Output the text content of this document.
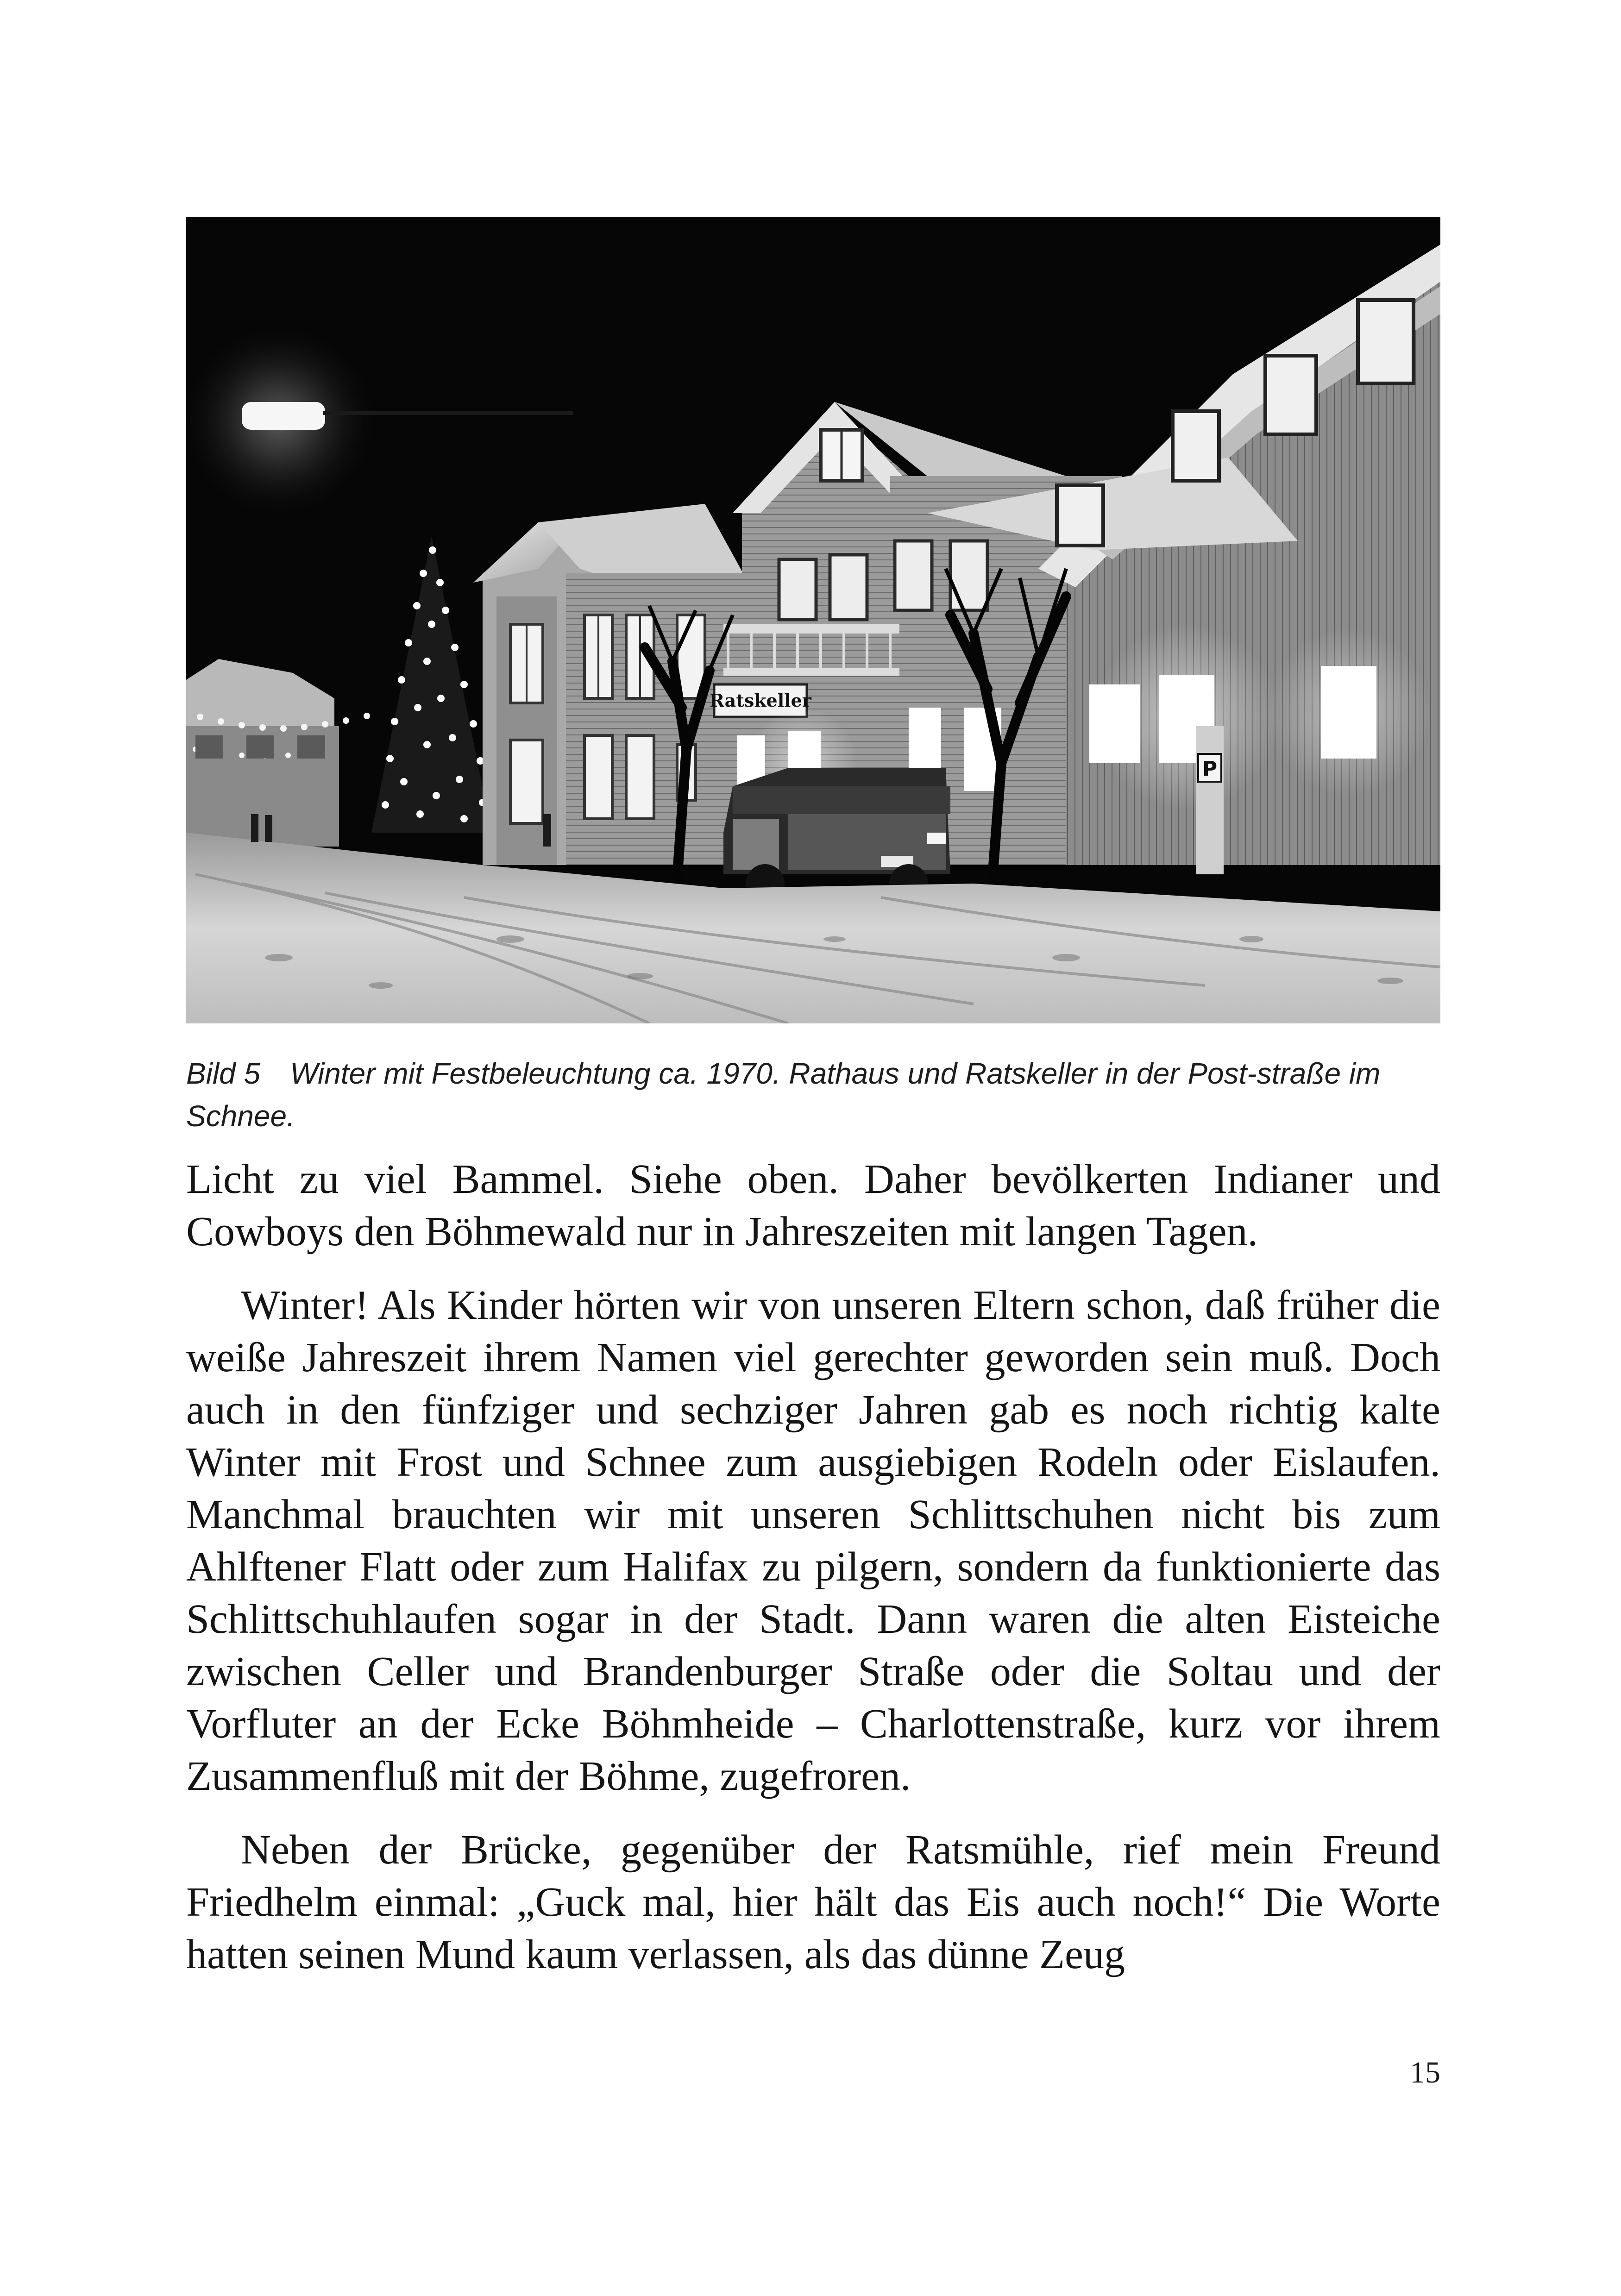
Ratskeller
P
Bild 5 Winter mit Festbeleuchtung ca. 1970. Rathaus und Ratskeller in der Post-straße im Schnee.

Licht zu viel Bammel. Siehe oben. Daher bevölkerten Indianer und Cowboys den Böhmewald nur in Jahreszeiten mit langen Tagen.

Winter! Als Kinder hörten wir von unseren Eltern schon, daß früher die weiße Jahreszeit ihrem Namen viel gerechter geworden sein muß. Doch auch in den fünfziger und sechziger Jahren gab es noch richtig kalte Winter mit Frost und Schnee zum ausgiebigen Rodeln oder Eislaufen. Manchmal brauchten wir mit unseren Schlittschuhen nicht bis zum Ahlftener Flatt oder zum Halifax zu pilgern, sondern da funktionierte das Schlittschuhlaufen sogar in der Stadt. Dann waren die alten Eisteiche zwischen Celler und Brandenburger Straße oder die Soltau und der Vorfluter an der Ecke Böhmheide – Charlottenstraße, kurz vor ihrem Zusammenfluß mit der Böhme, zugefroren.

Neben der Brücke, gegenüber der Ratsmühle, rief mein Freund Friedhelm einmal: „Guck mal, hier hält das Eis auch noch!“ Die Worte hatten seinen Mund kaum verlassen, als das dünne Zeug

15
